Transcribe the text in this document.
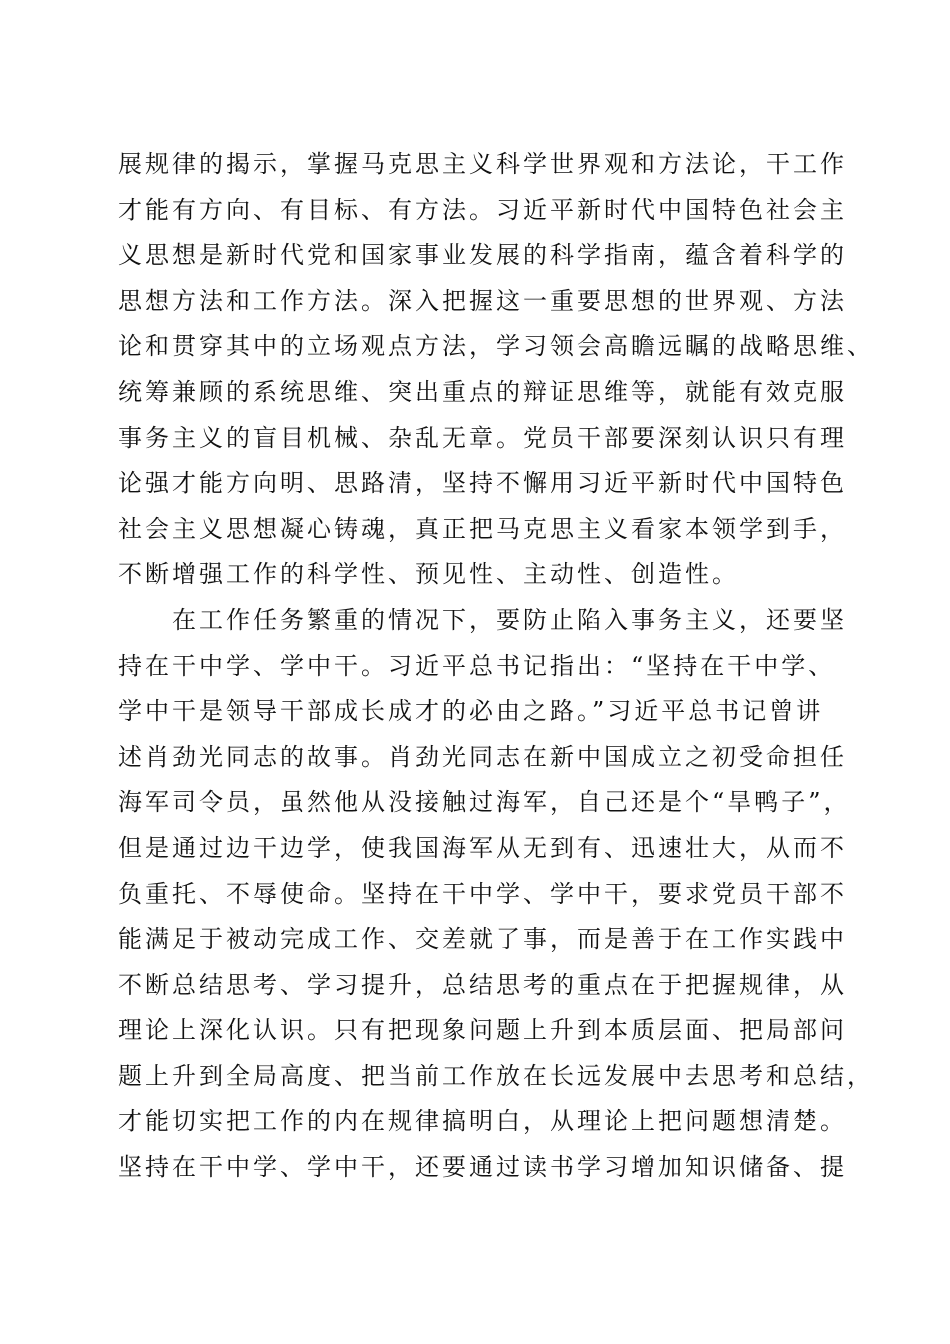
展规律的揭示，掌握马克思主义科学世界观和方法论，干工作
才能有方向、有目标、有方法。习近平新时代中国特色社会主
义思想是新时代党和国家事业发展的科学指南，蕴含着科学的
思想方法和工作方法。深入把握这一重要思想的世界观、方法
论和贯穿其中的立场观点方法，学习领会高瞻远瞩的战略思维、
统筹兼顾的系统思维、突出重点的辩证思维等，就能有效克服
事务主义的盲目机械、杂乱无章。党员干部要深刻认识只有理
论强才能方向明、思路清，坚持不懈用习近平新时代中国特色
社会主义思想凝心铸魂，真正把马克思主义看家本领学到手，
不断增强工作的科学性、预见性、主动性、创造性。
在工作任务繁重的情况下，要防止陷入事务主义，还要坚
持在干中学、学中干。习近平总书记指出：“坚持在干中学、
学中干是领导干部成长成才的必由之路。”习近平总书记曾讲
述肖劲光同志的故事。肖劲光同志在新中国成立之初受命担任
海军司令员，虽然他从没接触过海军，自己还是个“旱鸭子”，
但是通过边干边学，使我国海军从无到有、迅速壮大，从而不
负重托、不辱使命。坚持在干中学、学中干，要求党员干部不
能满足于被动完成工作、交差就了事，而是善于在工作实践中
不断总结思考、学习提升，总结思考的重点在于把握规律，从
理论上深化认识。只有把现象问题上升到本质层面、把局部问
题上升到全局高度、把当前工作放在长远发展中去思考和总结，
才能切实把工作的内在规律搞明白，从理论上把问题想清楚。
坚持在干中学、学中干，还要通过读书学习增加知识储备、提
